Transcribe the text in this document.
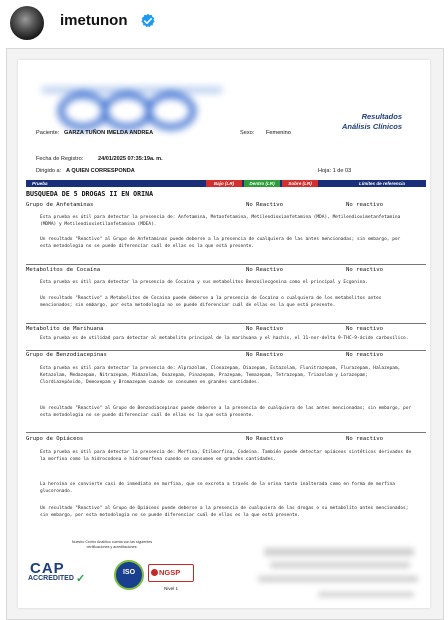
imetunon
Resultados
Análisis Clínicos
Paciente: GARZA TUÑON IMELDA ANDREA	Sexo: Femenino
Fecha de Registro:	24/01/2025 07:35:19a. m.
Dirigido a: A QUIEN CORRESPONDA	Hoja: 1 de 03
Prueba	Bajo (LR)	Dentro (LR)	Sobre (LR)	Límites de referencia
BUSQUEDA DE 5 DROGAS II EN ORINA
Grupo de Anfetaminas	No Reactivo	No reactivo
Esta prueba es útil para detectar la presencia de: Anfetamina, Metanfetamina, Metilendioxianfetamina (MDA), Metilendioximetanfetamina (MDMA) y Metilendioxietilanfetamina (MDEA).
Un resultado "Reactivo" al Grupo de Anfetaminas puede deberse a la presencia de cualquiera de las antes mencionadas; sin embargo, por esta metodología no se puede diferenciar cuál de ellas es la que está presente.
Metabolitos de Cocaína	No Reactivo	No reactivo
Esta prueba es útil para detectar la presencia de Cocaína y sus metabolitos Benzoilecgonina como el principal y Ecgonina.
Un resultado "Reactivo" a Metabolitos de Cocaína puede deberse a la presencia de Cocaína o cualquiera de los metabolitos antes mencionados; sin embargo, por esta metodología no se puede diferenciar cuál de ellas es la que está presente.
Metabolito de Marihuana	No Reactivo	No reactivo
Esta prueba es de utilidad para detectar al metabolito principal de la marihuana y el hachís, el 11-nor-delta 9-THC-9-ácido carboxílico.
Grupo de Benzodiacepinas	No Reactivo	No reactivo
Esta prueba es útil para detectar la presencia de: Alprazolam, Clonazepam, Diazepam, Estazolam, Flunitrazepam, Flurazepam, Halazepam, Ketazolam, Medazepam, Nitrazepam, Midazolam, Oxazepam, Pinazepam, Prazepam, Temazepam, Tetrazepam, Triazolam y Lorazepam; Clordiazepóxido, Demoxepam y Bromazepam cuando se consumen en grandes cantidades.
Un resultado "Reactivo" al Grupo de Benzodiacepinas puede deberse a la presencia de cualquiera de las antes mencionadas; sin embargo, por esta metodología no se puede diferenciar cuál de ellas es la que está presente.
Grupo de Opiáceos	No Reactivo	No reactivo
Esta prueba es útil para detectar la presencia de: Morfina, Etilmorfina, Codeína. También puede detectar opiáceos sintéticos derivados de la morfina como la hidrocodona e hidromorfona cuando se consumen en grandes cantidades.
La heroína se convierte casi de inmediato en morfina, que se excreta a través de la orina tanto inalterada como en forma de morfina glucoronado.
Un resultado "Reactivo" al Grupo de Opiáceos puede deberse a la presencia de cualquiera de las drogas o su metabolito antes mencionados; sin embargo, por esta metodología no se puede diferenciar cuál de ellas es la que está presente.
Nuestro Centro Analítico cuenta con las siguientes certificaciones y acreditaciones:
CAP
ACCREDITED ✓
ISO	NGSP
Nivel 1
